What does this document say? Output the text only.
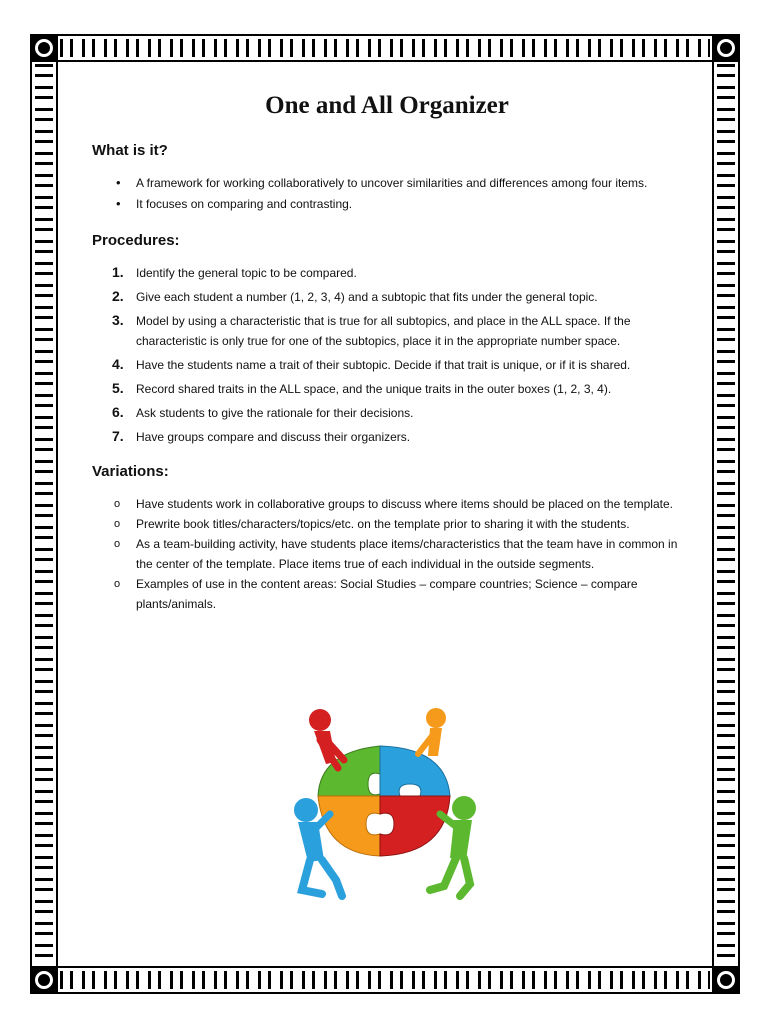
One and All Organizer
What is it?
• A framework for working collaboratively to uncover similarities and differences among four items.
• It focuses on comparing and contrasting.
Procedures:
1. Identify the general topic to be compared.
2. Give each student a number (1, 2, 3, 4) and a subtopic that fits under the general topic.
3. Model by using a characteristic that is true for all subtopics, and place in the ALL space. If the characteristic is only true for one of the subtopics, place it in the appropriate number space.
4. Have the students name a trait of their subtopic. Decide if that trait is unique, or if it is shared.
5. Record shared traits in the ALL space, and the unique traits in the outer boxes (1, 2, 3, 4).
6. Ask students to give the rationale for their decisions.
7. Have groups compare and discuss their organizers.
Variations:
o Have students work in collaborative groups to discuss where items should be placed on the template.
o Prewrite book titles/characters/topics/etc. on the template prior to sharing it with the students.
o As a team-building activity, have students place items/characteristics that the team have in common in the center of the template. Place items true of each individual in the outside segments.
o Examples of use in the content areas: Social Studies – compare countries; Science – compare plants/animals.
